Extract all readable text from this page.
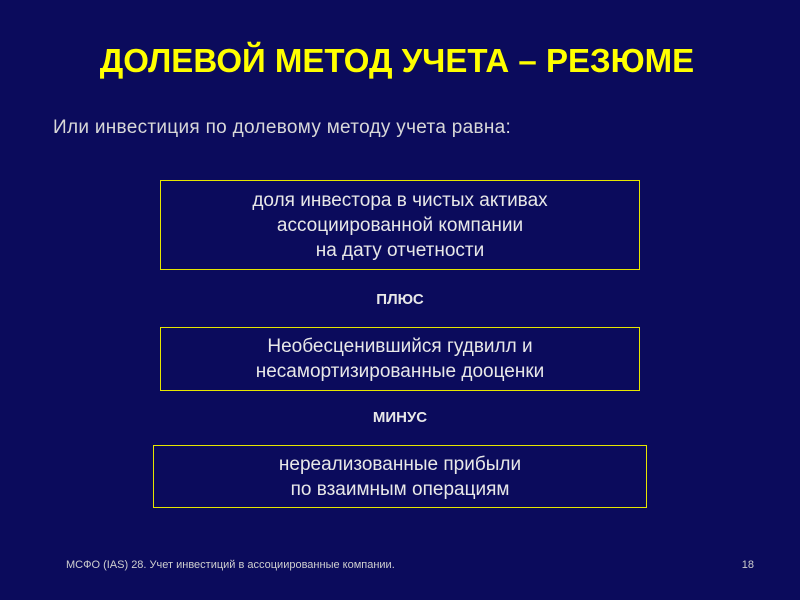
ДОЛЕВОЙ МЕТОД УЧЕТА – РЕЗЮМЕ
Или инвестиция по долевому методу учета равна:
доля инвестора в чистых активах
ассоциированной компании
на дату отчетности
ПЛЮС
Необесценившийся гудвилл и
несамортизированные дооценки
МИНУС
нереализованные прибыли
по взаимным операциям
МСФО (IAS) 28. Учет инвестиций в ассоциированные компании.	18
